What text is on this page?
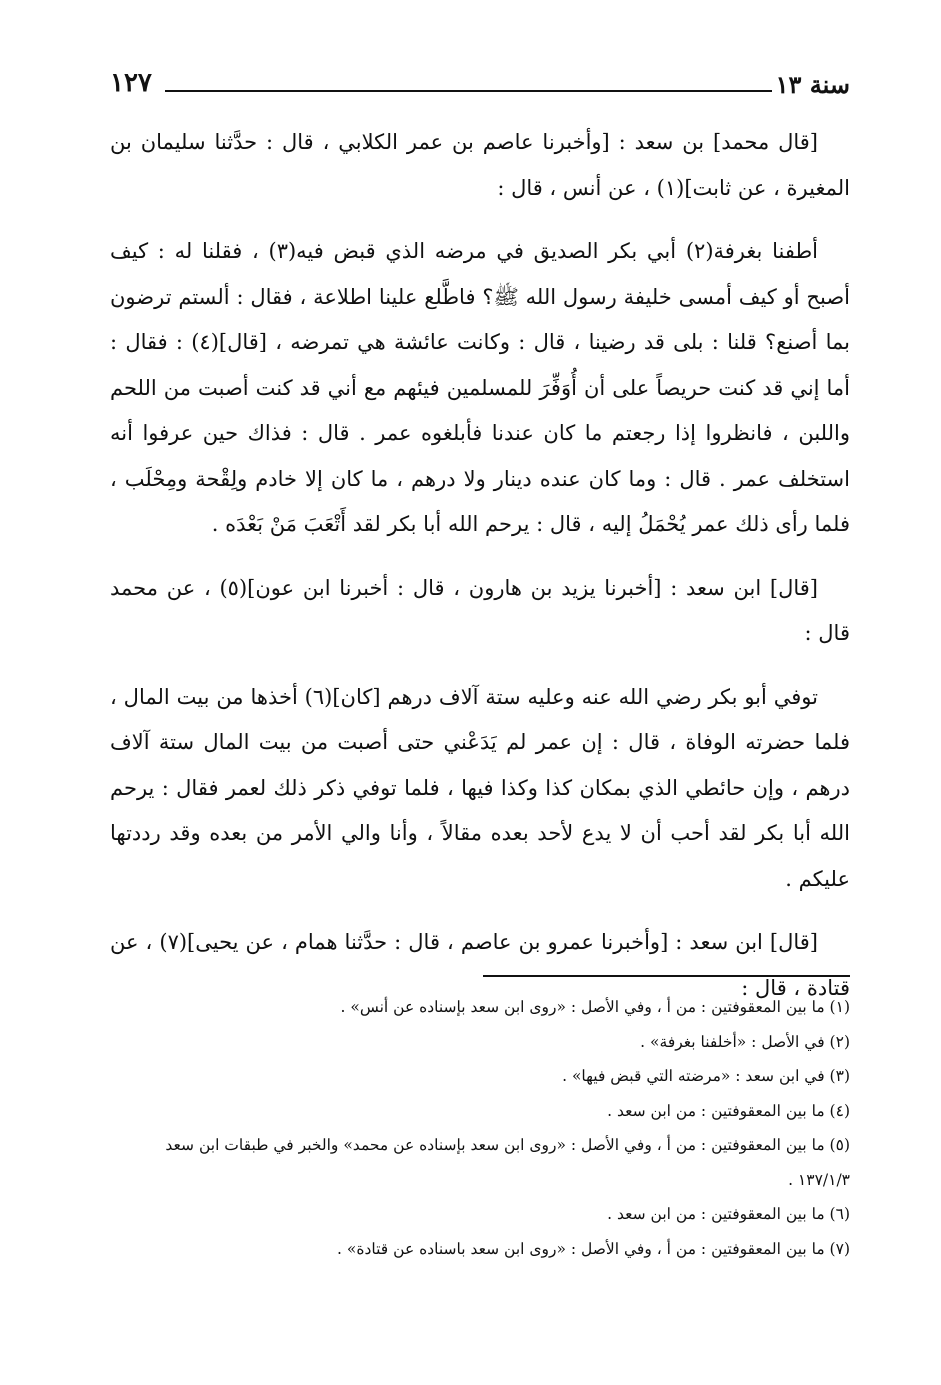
سنة ١٣
١٢٧

[قال محمد] بن سعد : [وأخبرنا عاصم بن عمر الكلابي ، قال : حدَّثنا سليمان بن المغيرة ، عن ثابت](١) ، عن أنس ، قال :

أطفنا بغرفة(٢) أبي بكر الصديق في مرضه الذي قبض فيه(٣) ، فقلنا له : كيف أصبح أو كيف أمسى خليفة رسول الله ﷺ؟ فاطَّلع علينا اطلاعة ، فقال : ألستم ترضون بما أصنع؟ قلنا : بلى قد رضينا ، قال : وكانت عائشة هي تمرضه ، [قال](٤) : فقال : أما إني قد كنت حريصاً على أن أُوَفِّرَ للمسلمين فيئهم مع أني قد كنت أصبت من اللحم واللبن ، فانظروا إذا رجعتم ما كان عندنا فأبلغوه عمر . قال : فذاك حين عرفوا أنه استخلف عمر . قال : وما كان عنده دينار ولا درهم ، ما كان إلا خادم ولِقْحة ومِحْلَب ، فلما رأى ذلك عمر يُحْمَلُ إليه ، قال : يرحم الله أبا بكر لقد أَتْعَبَ مَنْ بَعْدَه .

[قال] ابن سعد : [أخبرنا يزيد بن هارون ، قال : أخبرنا ابن عون](٥) ، عن محمد قال :

توفي أبو بكر رضي الله عنه وعليه ستة آلاف درهم [كان](٦) أخذها من بيت المال ، فلما حضرته الوفاة ، قال : إن عمر لم يَدَعْني حتى أصبت من بيت المال ستة آلاف درهم ، وإن حائطي الذي بمكان كذا وكذا فيها ، فلما توفي ذكر ذلك لعمر فقال : يرحم الله أبا بكر لقد أحب أن لا يدع لأحد بعده مقالاً ، وأنا والي الأمر من بعده وقد رددتها عليكم .

[قال] ابن سعد : [وأخبرنا عمرو بن عاصم ، قال : حدَّثنا همام ، عن يحيى](٧) ، عن قتادة ، قال :

(١) ما بين المعقوفتين : من أ ، وفي الأصل : «روى ابن سعد بإسناده عن أنس» .

(٢) في الأصل : «أخلفنا بغرفة» .

(٣) في ابن سعد : «مرضته التي قبض فيها» .

(٤) ما بين المعقوفتين : من ابن سعد .

(٥) ما بين المعقوفتين : من أ ، وفي الأصل : «روى ابن سعد بإسناده عن محمد» والخبر في طبقات ابن سعد ١٣٧/١/٣ .

(٦) ما بين المعقوفتين : من ابن سعد .

(٧) ما بين المعقوفتين : من أ ، وفي الأصل : «روى ابن سعد باسناده عن قتادة» .
